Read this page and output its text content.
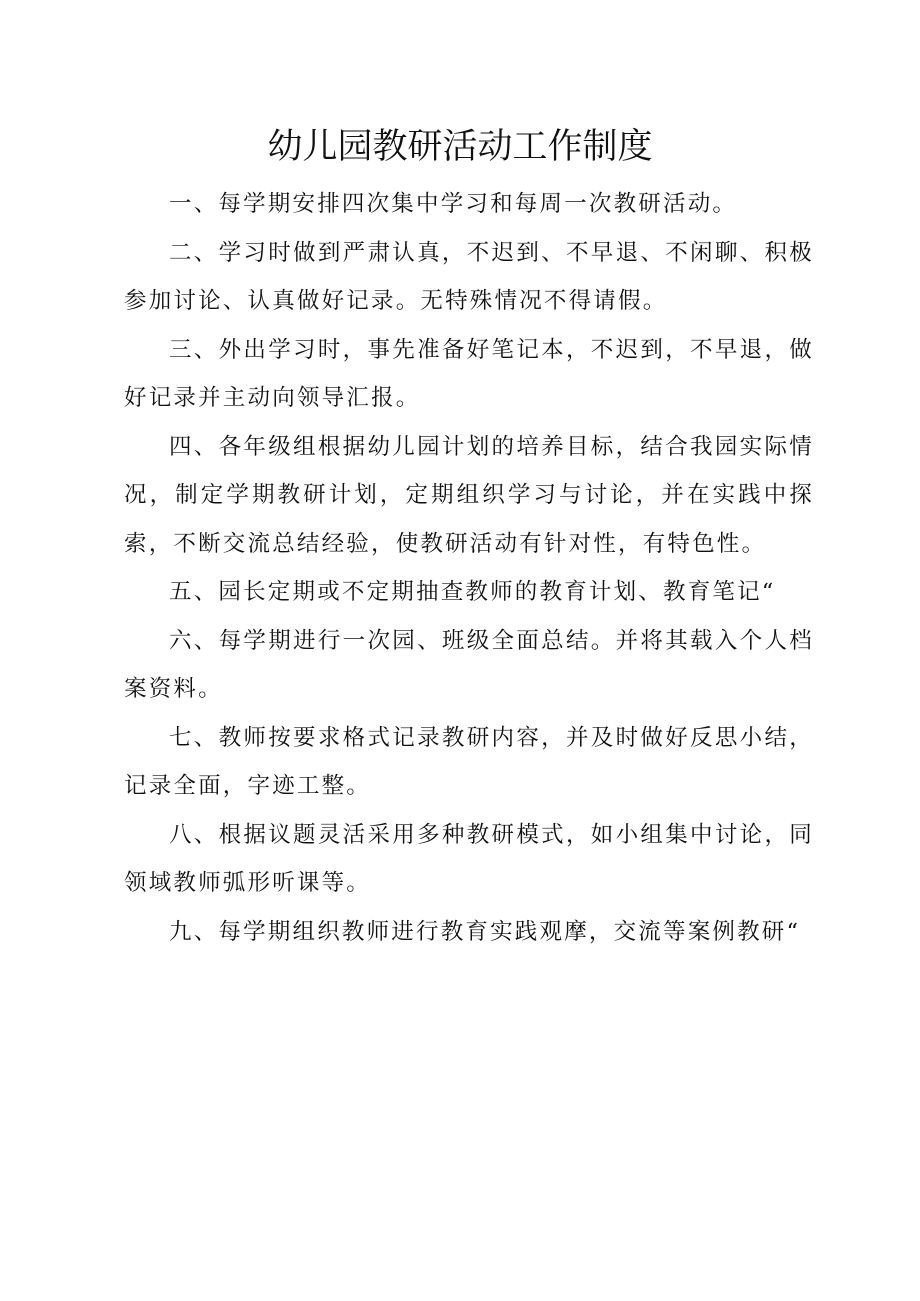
幼儿园教研活动工作制度

一、每学期安排四次集中学习和每周一次教研活动。

二、学习时做到严肃认真，不迟到、不早退、不闲聊、积极参加讨论、认真做好记录。无特殊情况不得请假。

三、外出学习时，事先准备好笔记本，不迟到，不早退，做好记录并主动向领导汇报。

四、各年级组根据幼儿园计划的培养目标，结合我园实际情况，制定学期教研计划，定期组织学习与讨论，并在实践中探索，不断交流总结经验，使教研活动有针对性，有特色性。

五、园长定期或不定期抽查教师的教育计划、教育笔记“

六、每学期进行一次园、班级全面总结。并将其载入个人档案资料。

七、教师按要求格式记录教研内容，并及时做好反思小结，记录全面，字迹工整。

八、根据议题灵活采用多种教研模式，如小组集中讨论，同领域教师弧形听课等。

九、每学期组织教师进行教育实践观摩，交流等案例教研“
